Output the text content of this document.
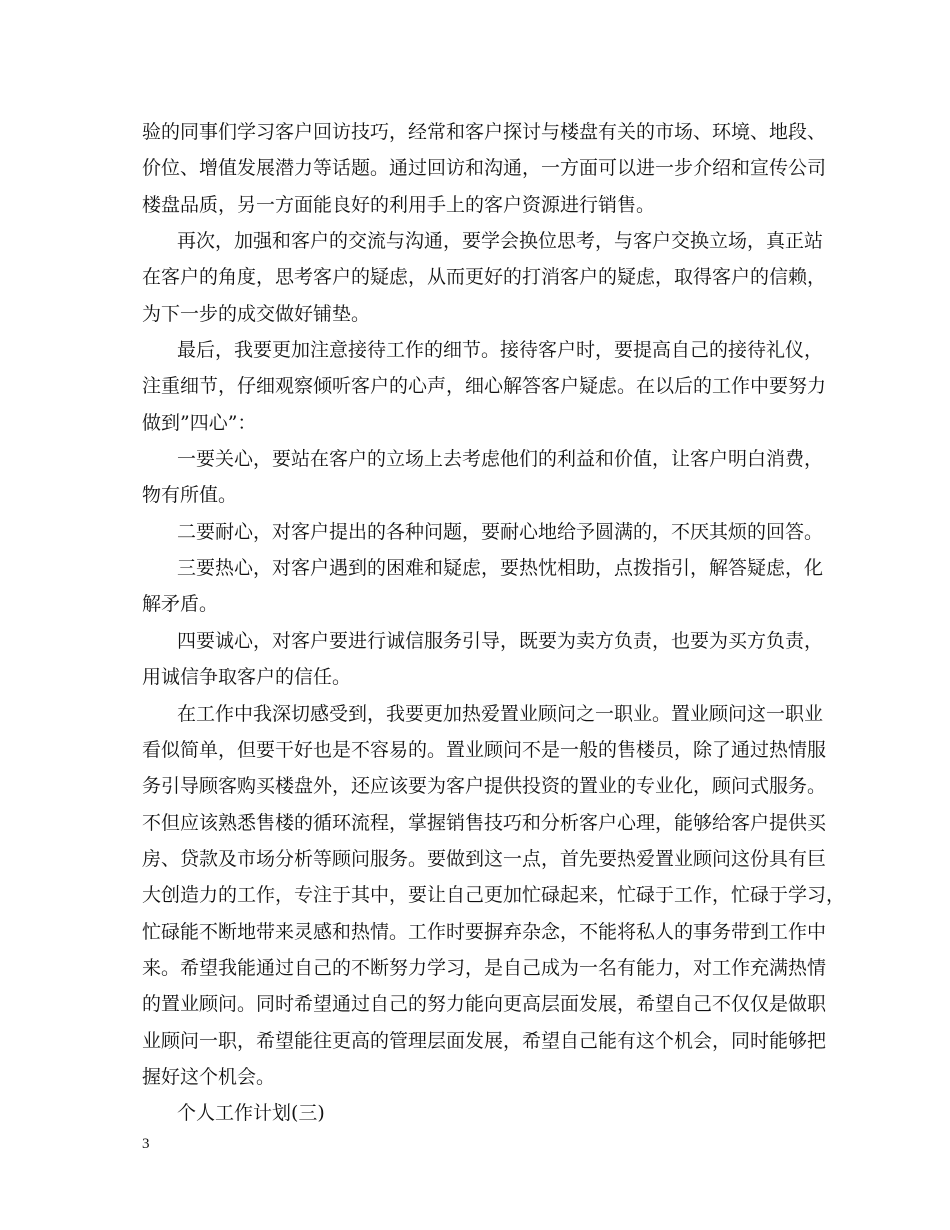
验的同事们学习客户回访技巧，经常和客户探讨与楼盘有关的市场、环境、地段、
价位、增值发展潜力等话题。通过回访和沟通，一方面可以进一步介绍和宣传公司
楼盘品质，另一方面能良好的利用手上的客户资源进行销售。
再次，加强和客户的交流与沟通，要学会换位思考，与客户交换立场，真正站
在客户的角度，思考客户的疑虑，从而更好的打消客户的疑虑，取得客户的信赖，
为下一步的成交做好铺垫。
最后，我要更加注意接待工作的细节。接待客户时，要提高自己的接待礼仪，
注重细节，仔细观察倾听客户的心声，细心解答客户疑虑。在以后的工作中要努力
做到”四心”：
一要关心，要站在客户的立场上去考虑他们的利益和价值，让客户明白消费，
物有所值。
二要耐心，对客户提出的各种问题，要耐心地给予圆满的，不厌其烦的回答。
三要热心，对客户遇到的困难和疑虑，要热忱相助，点拨指引，解答疑虑，化
解矛盾。
四要诚心，对客户要进行诚信服务引导，既要为卖方负责，也要为买方负责，
用诚信争取客户的信任。
在工作中我深切感受到，我要更加热爱置业顾问之一职业。置业顾问这一职业
看似简单，但要干好也是不容易的。置业顾问不是一般的售楼员，除了通过热情服
务引导顾客购买楼盘外，还应该要为客户提供投资的置业的专业化，顾问式服务。
不但应该熟悉售楼的循环流程，掌握销售技巧和分析客户心理，能够给客户提供买
房、贷款及市场分析等顾问服务。要做到这一点，首先要热爱置业顾问这份具有巨
大创造力的工作，专注于其中，要让自己更加忙碌起来，忙碌于工作，忙碌于学习，
忙碌能不断地带来灵感和热情。工作时要摒弃杂念，不能将私人的事务带到工作中
来。希望我能通过自己的不断努力学习，是自己成为一名有能力，对工作充满热情
的置业顾问。同时希望通过自己的努力能向更高层面发展，希望自己不仅仅是做职
业顾问一职，希望能往更高的管理层面发展，希望自己能有这个机会，同时能够把
握好这个机会。
个人工作计划(三)
3
